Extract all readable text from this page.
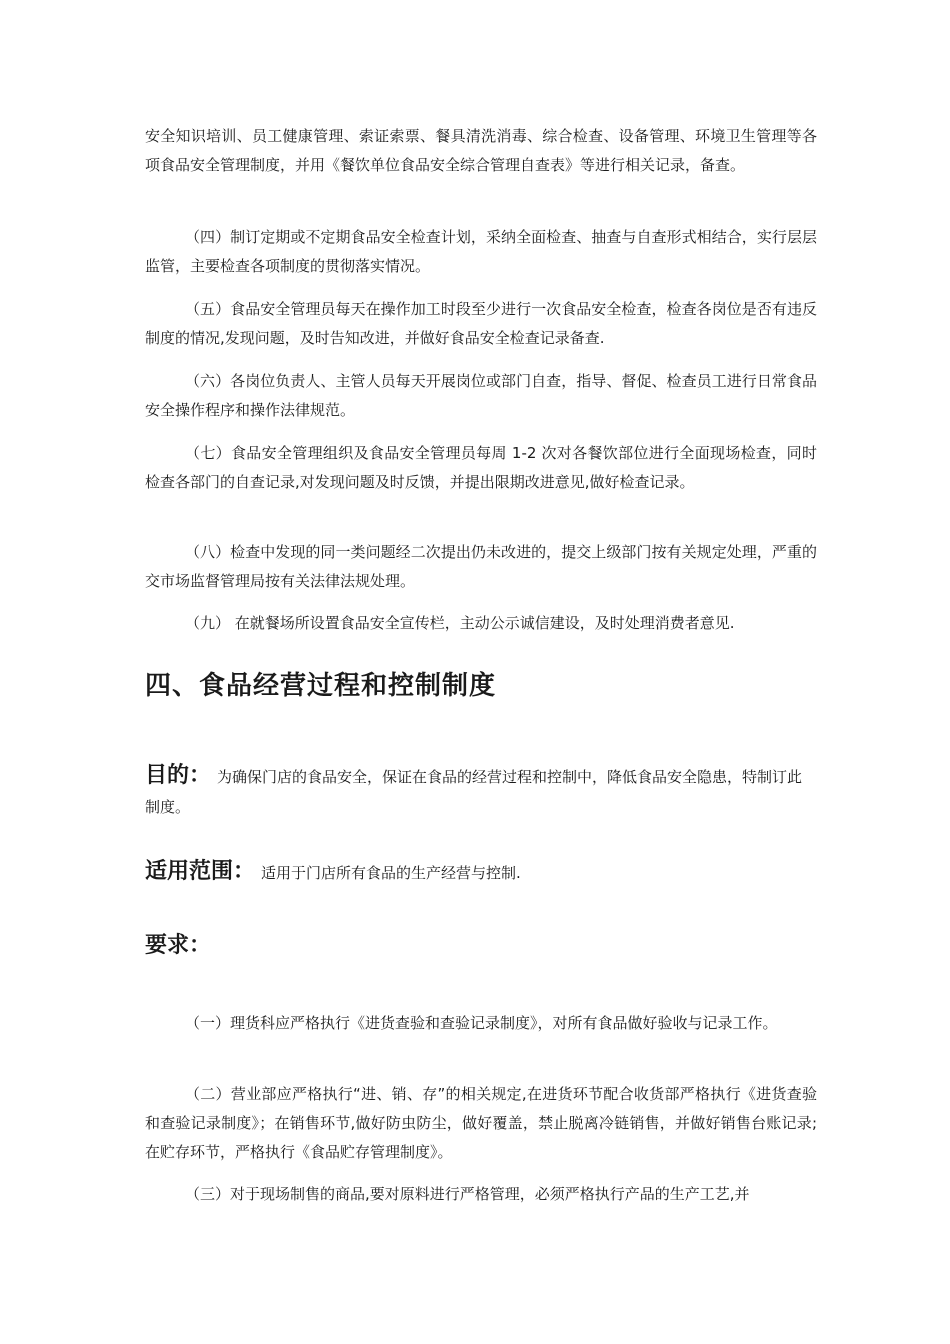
安全知识培训、员工健康管理、索证索票、餐具清洗消毒、综合检查、设备管理、环境卫生管理等各项食品安全管理制度，并用《餐饮单位食品安全综合管理自查表》等进行相关记录，备查。

（四）制订定期或不定期食品安全检查计划，采纳全面检查、抽查与自查形式相结合，实行层层监管，主要检查各项制度的贯彻落实情况。

（五）食品安全管理员每天在操作加工时段至少进行一次食品安全检查，检查各岗位是否有违反制度的情况,发现问题，及时告知改进，并做好食品安全检查记录备查.

（六）各岗位负责人、主管人员每天开展岗位或部门自查，指导、督促、检查员工进行日常食品安全操作程序和操作法律规范。

（七）食品安全管理组织及食品安全管理员每周 1-2 次对各餐饮部位进行全面现场检查，同时检查各部门的自查记录,对发现问题及时反馈，并提出限期改进意见,做好检查记录。

（八）检查中发现的同一类问题经二次提出仍未改进的，提交上级部门按有关规定处理，严重的交市场监督管理局按有关法律法规处理。

（九） 在就餐场所设置食品安全宣传栏，主动公示诚信建设，及时处理消费者意见.

四、食品经营过程和控制制度

目的： 为确保门店的食品安全，保证在食品的经营过程和控制中，降低食品安全隐患，特制订此制度。

适用范围： 适用于门店所有食品的生产经营与控制.

要求：

（一）理货科应严格执行《进货查验和查验记录制度》，对所有食品做好验收与记录工作。

（二）营业部应严格执行“进、销、存”的相关规定,在进货环节配合收货部严格执行《进货查验和查验记录制度》；在销售环节,做好防虫防尘，做好覆盖，禁止脱离冷链销售，并做好销售台账记录;在贮存环节，严格执行《食品贮存管理制度》。

（三）对于现场制售的商品,要对原料进行严格管理，必须严格执行产品的生产工艺,并
